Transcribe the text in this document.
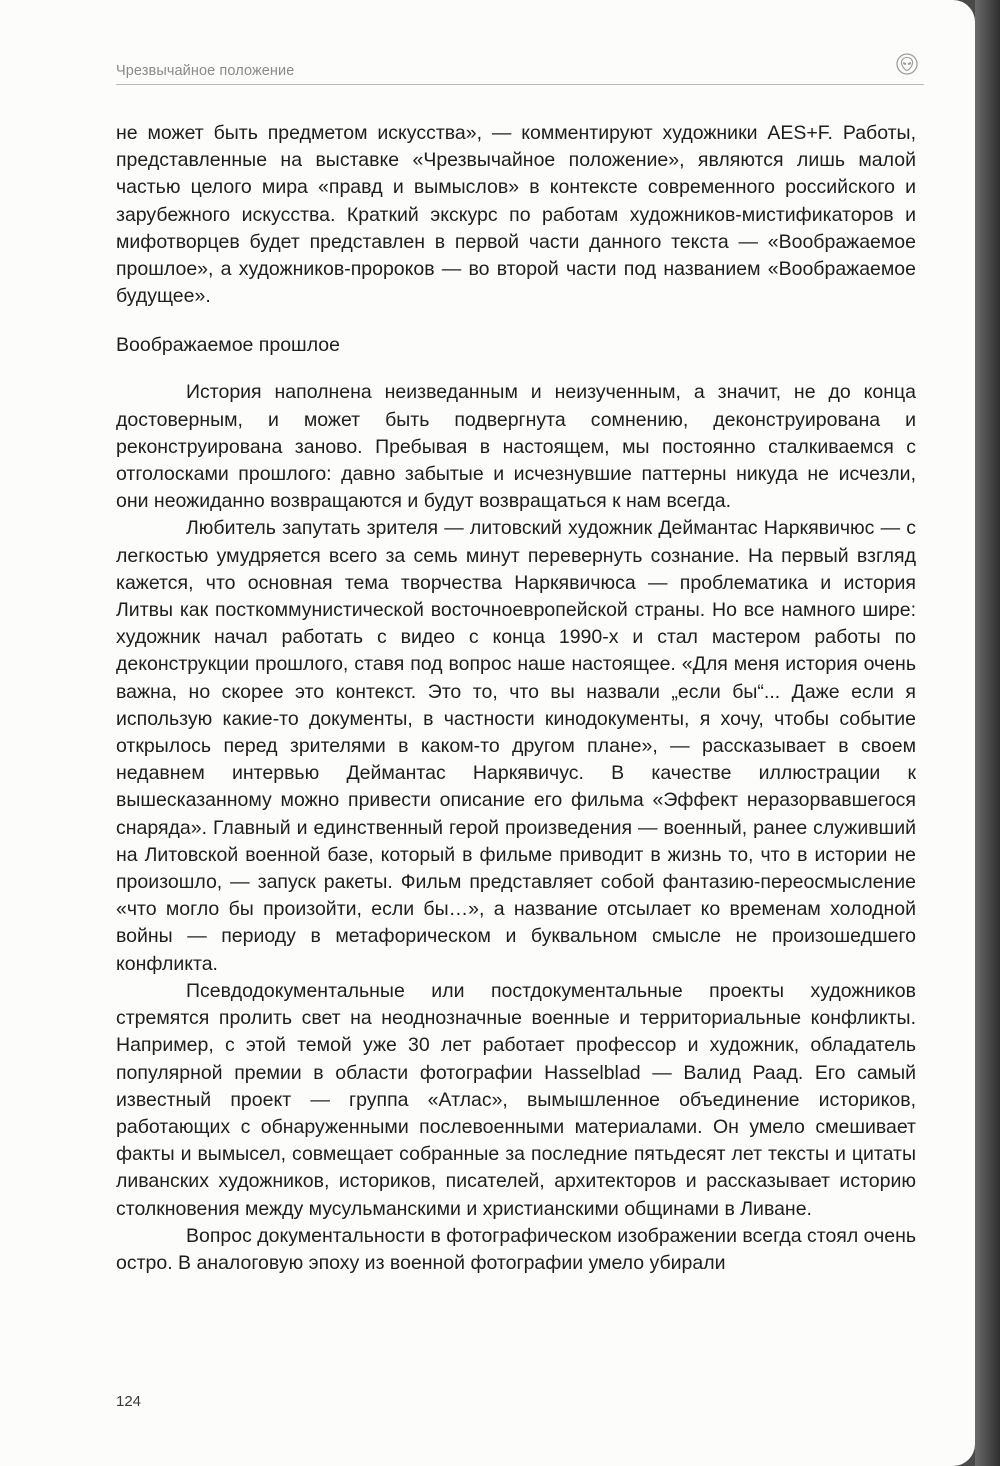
Чрезвычайное положение

не может быть предметом искусства», — комментируют художники AES+F. Работы, представленные на выставке «Чрезвычайное положение», являются лишь малой частью целого мира «правд и вымыслов» в контексте современного российского и зарубежного искусства. Краткий экскурс по работам художников-мистификаторов и мифотворцев будет представлен в первой части данного текста — «Воображаемое прошлое», а художников-пророков — во второй части под названием «Воображаемое будущее».

Воображаемое прошлое

История наполнена неизведанным и неизученным, а значит, не до конца достоверным, и может быть подвергнута сомнению, деконструирована и реконструирована заново. Пребывая в настоящем, мы постоянно сталкиваемся с отголосками прошлого: давно забытые и исчезнувшие паттерны никуда не исчезли, они неожиданно возвращаются и будут возвращаться к нам всегда.

Любитель запутать зрителя — литовский художник Деймантас Наркявичюс — с легкостью умудряется всего за семь минут перевернуть сознание. На первый взгляд кажется, что основная тема творчества Наркявичюса — проблематика и история Литвы как посткоммунистической восточноевропейской страны. Но все намного шире: художник начал работать с видео с конца 1990-х и стал мастером работы по деконструкции прошлого, ставя под вопрос наше настоящее. «Для меня история очень важна, но скорее это контекст. Это то, что вы назвали „если бы“... Даже если я использую какие-то документы, в частности кинодокументы, я хочу, чтобы событие открылось перед зрителями в каком-то другом плане», — рассказывает в своем недавнем интервью Деймантас Наркявичус. В качестве иллюстрации к вышесказанному можно привести описание его фильма «Эффект неразорвавшегося снаряда». Главный и единственный герой произведения — военный, ранее служивший на Литовской военной базе, который в фильме приводит в жизнь то, что в истории не произошло, — запуск ракеты. Фильм представляет собой фантазию-переосмысление «что могло бы произойти, если бы…», а название отсылает ко временам холодной войны — периоду в метафорическом и буквальном смысле не произошедшего конфликта.

Псевдодокументальные или постдокументальные проекты художников стремятся пролить свет на неоднозначные военные и территориальные конфликты. Например, с этой темой уже 30 лет работает профессор и художник, обладатель популярной премии в области фотографии Hasselblad — Валид Раад. Его самый известный проект — группа «Атлас», вымышленное объединение историков, работающих с обнаруженными послевоенными материалами. Он умело смешивает факты и вымысел, совмещает собранные за последние пятьдесят лет тексты и цитаты ливанских художников, историков, писателей, архитекторов и рассказывает историю столкновения между мусульманскими и христианскими общинами в Ливане.

Вопрос документальности в фотографическом изображении всегда стоял очень остро. В аналоговую эпоху из военной фотографии умело убирали

124
